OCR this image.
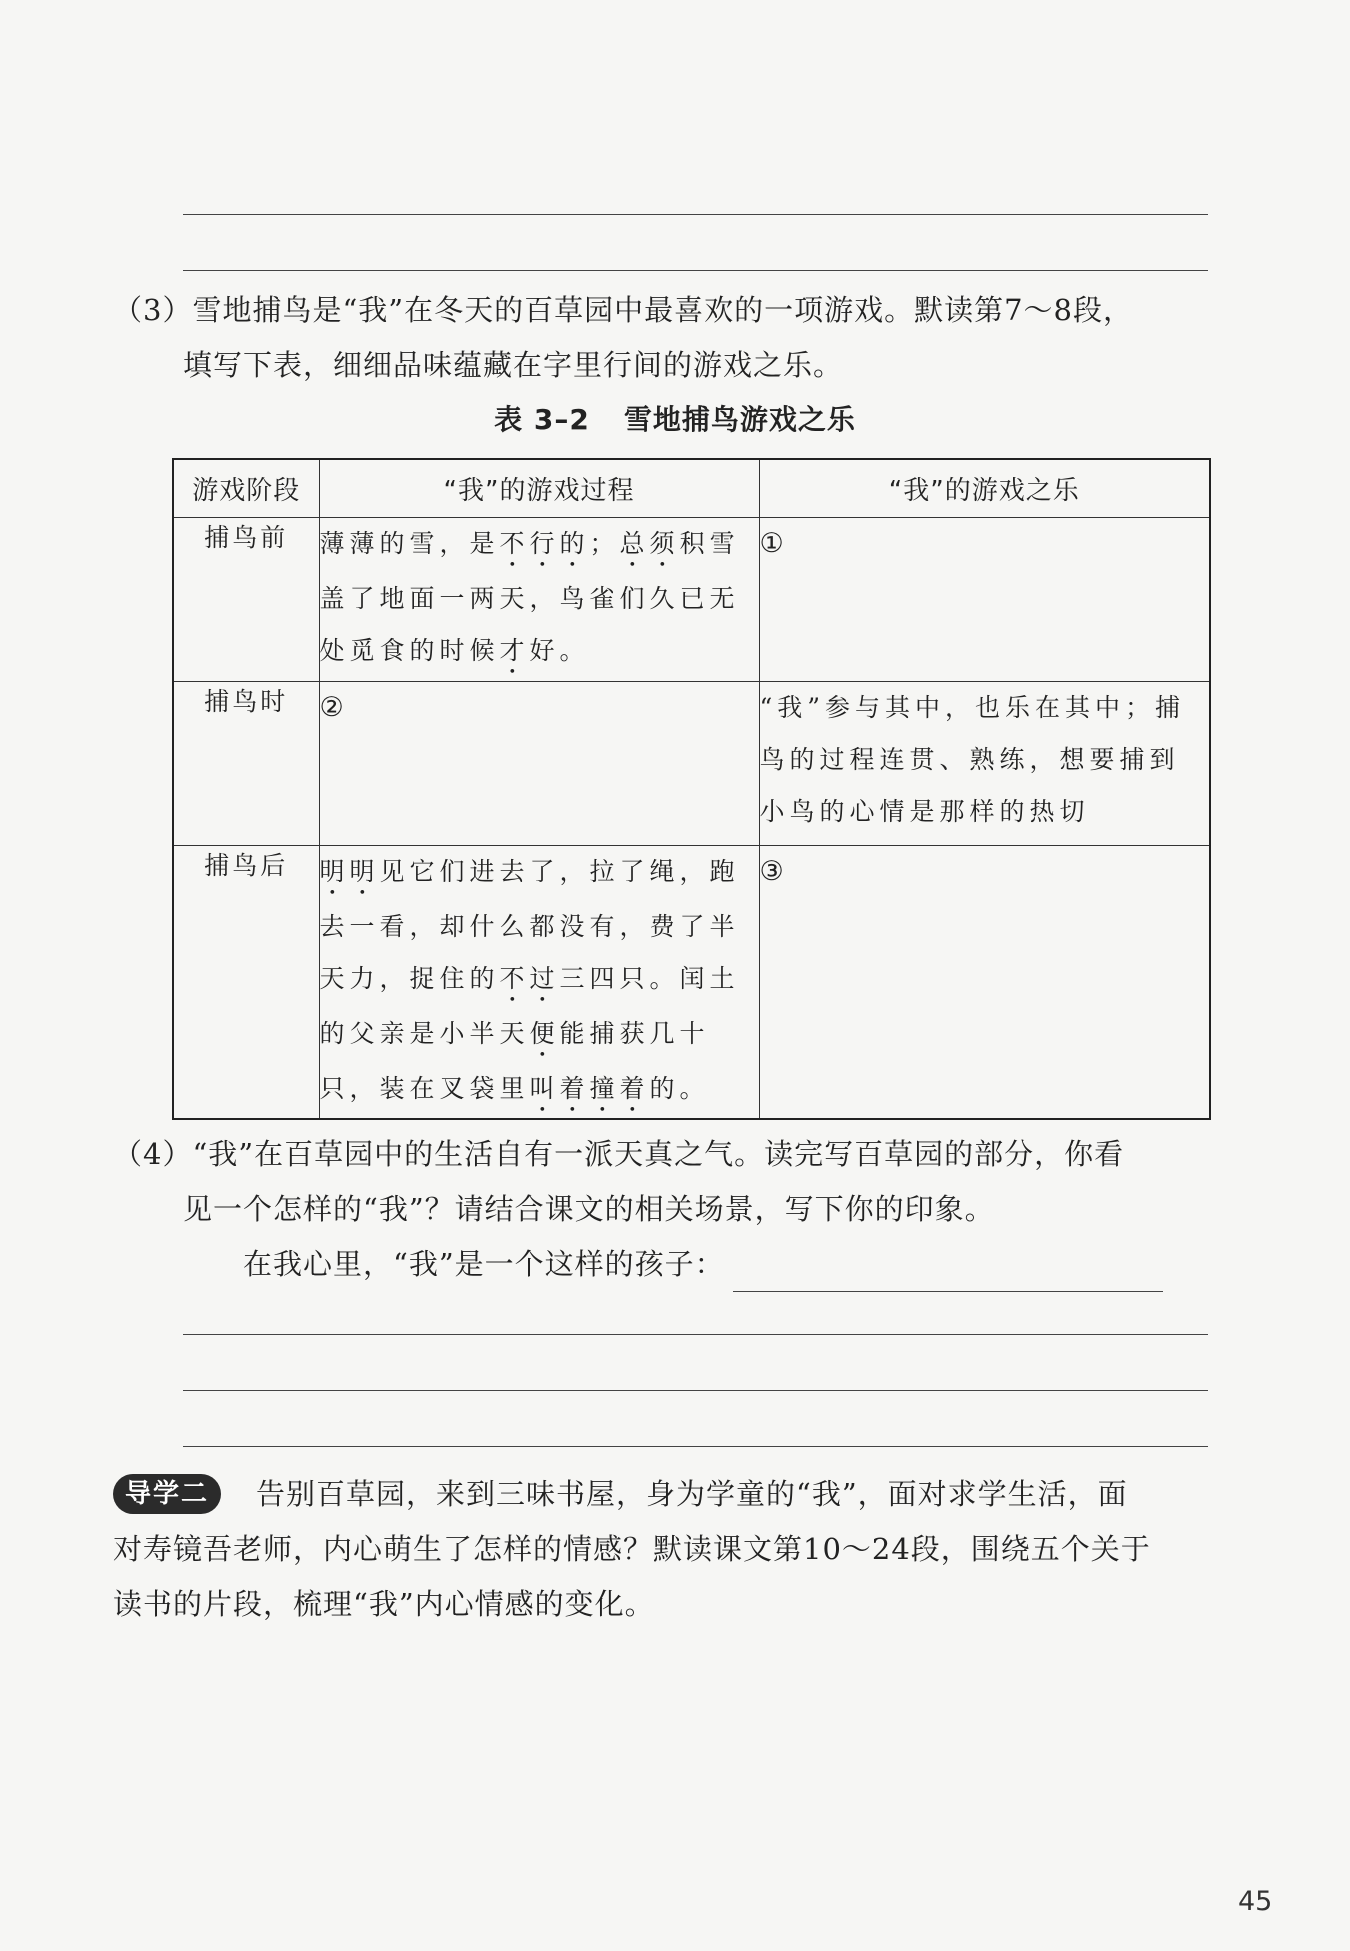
（3）雪地捕鸟是“我”在冬天的百草园中最喜欢的一项游戏。默读第7～8段，
填写下表，细细品味蕴藏在字里行间的游戏之乐。
表 3–2 雪地捕鸟游戏之乐
游戏阶段	“我”的游戏过程	“我”的游戏之乐
捕鸟前	薄薄的雪，是不行的；总须积雪盖了地面一两天，鸟雀们久已无处觅食的时候才好。	①
捕鸟时	②	“我”参与其中，也乐在其中；捕鸟的过程连贯、熟练，想要捕到小鸟的心情是那样的热切
捕鸟后	明明见它们进去了，拉了绳，跑去一看，却什么都没有，费了半天力，捉住的不过三四只。闰土的父亲是小半天便能捕获几十只，装在叉袋里叫着撞着的。	③
（4）“我”在百草园中的生活自有一派天真之气。读完写百草园的部分，你看
见一个怎样的“我”？请结合课文的相关场景，写下你的印象。
在我心里，“我”是一个这样的孩子：
导学二	告别百草园，来到三味书屋，身为学童的“我”，面对求学生活，面
对寿镜吾老师，内心萌生了怎样的情感？默读课文第10～24段，围绕五个关于
读书的片段，梳理“我”内心情感的变化。
45
